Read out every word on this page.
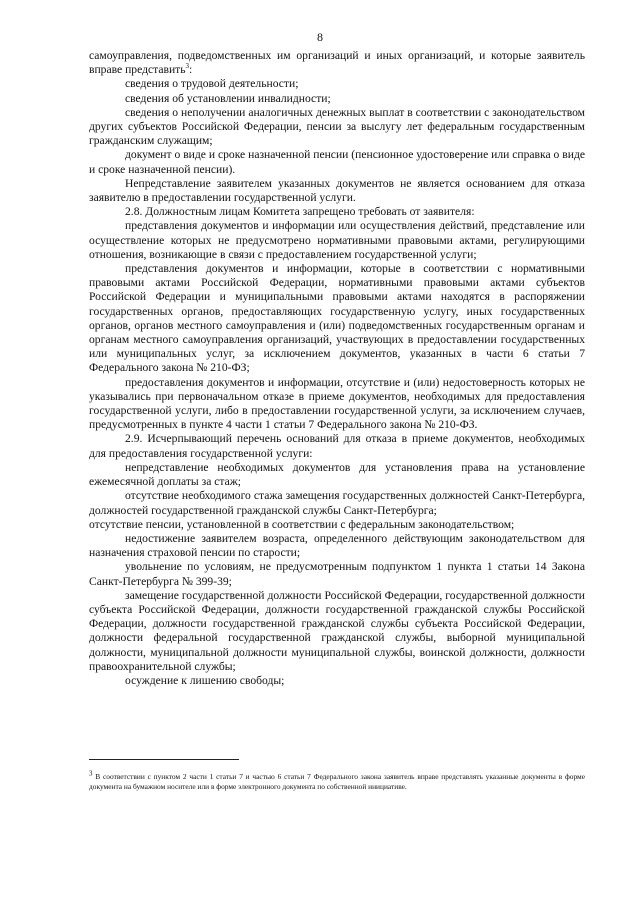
8

самоуправления, подведомственных им организаций и иных организаций, и которые заявитель вправе представить$^3$:

сведения о трудовой деятельности;

сведения об установлении инвалидности;

сведения о неполучении аналогичных денежных выплат в соответствии с законодательством других субъектов Российской Федерации, пенсии за выслугу лет федеральным государственным гражданским служащим;

документ о виде и сроке назначенной пенсии (пенсионное удостоверение или справка о виде и сроке назначенной пенсии).

Непредставление заявителем указанных документов не является основанием для отказа заявителю в предоставлении государственной услуги.

2.8. Должностным лицам Комитета запрещено требовать от заявителя:

представления документов и информации или осуществления действий, представление или осуществление которых не предусмотрено нормативными правовыми актами, регулирующими отношения, возникающие в связи с предоставлением государственной услуги;

представления документов и информации, которые в соответствии с нормативными правовыми актами Российской Федерации, нормативными правовыми актами субъектов Российской Федерации и муниципальными правовыми актами находятся в распоряжении государственных органов, предоставляющих государственную услугу, иных государственных органов, органов местного самоуправления и (или) подведомственных государственным органам и органам местного самоуправления организаций, участвующих в предоставлении государственных или муниципальных услуг, за исключением документов, указанных в части 6 статьи 7 Федерального закона № 210-ФЗ;

предоставления документов и информации, отсутствие и (или) недостоверность которых не указывались при первоначальном отказе в приеме документов, необходимых для предоставления государственной услуги, либо в предоставлении государственной услуги, за исключением случаев, предусмотренных в пункте 4 части 1 статьи 7 Федерального закона № 210-ФЗ.

2.9. Исчерпывающий перечень оснований для отказа в приеме документов, необходимых для предоставления государственной услуги:

непредставление необходимых документов для установления права на установление ежемесячной доплаты за стаж;

отсутствие необходимого стажа замещения государственных должностей Санкт-Петербурга, должностей государственной гражданской службы Санкт-Петербурга;

отсутствие пенсии, установленной в соответствии с федеральным законодательством;

недостижение заявителем возраста, определенного действующим законодательством для назначения страховой пенсии по старости;

увольнение по условиям, не предусмотренным подпунктом 1 пункта 1 статьи 14 Закона Санкт-Петербурга № 399-39;

замещение государственной должности Российской Федерации, государственной должности субъекта Российской Федерации, должности государственной гражданской службы Российской Федерации, должности государственной гражданской службы субъекта Российской Федерации, должности федеральной государственной гражданской службы, выборной муниципальной должности, муниципальной должности муниципальной службы, воинской должности, должности правоохранительной службы;

осуждение к лишению свободы;

$^3$ В соответствии с пунктом 2 части 1 статьи 7 и частью 6 статьи 7 Федерального закона заявитель вправе представлять указанные документы в форме документа на бумажном носителе или в форме электронного документа по собственной инициативе.
